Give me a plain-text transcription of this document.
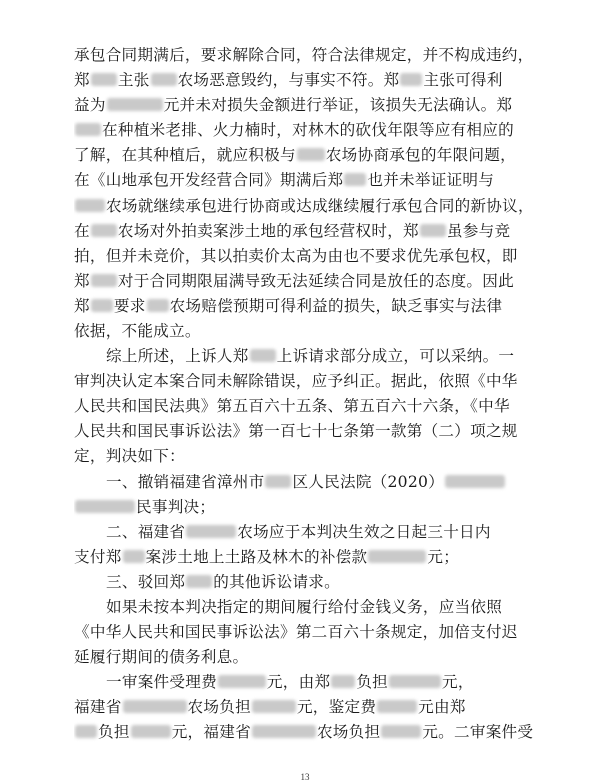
承包合同期满后，要求解除合同，符合法律规定，并不构成违约，
郑 主张 农场恶意毁约，与事实不符。郑 主张可得利
益为	元并未对损失金额进行举证，该损失无法确认。郑
在种植米老排、火力楠时，对林木的砍伐年限等应有相应的
了解，在其种植后，就应积极与 农场协商承包的年限问题，
在《山地承包开发经营合同》期满后郑 也并未举证证明与
农场就继续承包进行协商或达成继续履行承包合同的新协议，
在 农场对外拍卖案涉土地的承包经营权时，郑 虽参与竞
拍，但并未竞价，其以拍卖价太高为由也不要求优先承包权，即
郑 对于合同期限届满导致无法延续合同是放任的态度。因此
郑 要求 农场赔偿预期可得利益的损失，缺乏事实与法律
依据，不能成立。
综上所述，上诉人郑 上诉请求部分成立，可以采纳。一
审判决认定本案合同未解除错误，应予纠正。据此，依照《中华
人民共和国民法典》第五百六十五条、第五百六十六条，《中华
人民共和国民事诉讼法》第一百七十七条第一款第（二）项之规
定，判决如下：
一、撤销福建省漳州市 区人民法院（2020）
民事判决；
二、福建省	农场应于本判决生效之日起三十日内
支付郑 案涉土地上土路及林木的补偿款	元；
三、驳回郑 的其他诉讼请求。
如果未按本判决指定的期间履行给付金钱义务，应当依照
《中华人民共和国民事诉讼法》第二百六十条规定，加倍支付迟
延履行期间的债务利息。
一审案件受理费	元，由郑 负担	元，
福建省	农场负担	元，鉴定费	元由郑
负担	元，福建省	农场负担	元。二审案件受
13
